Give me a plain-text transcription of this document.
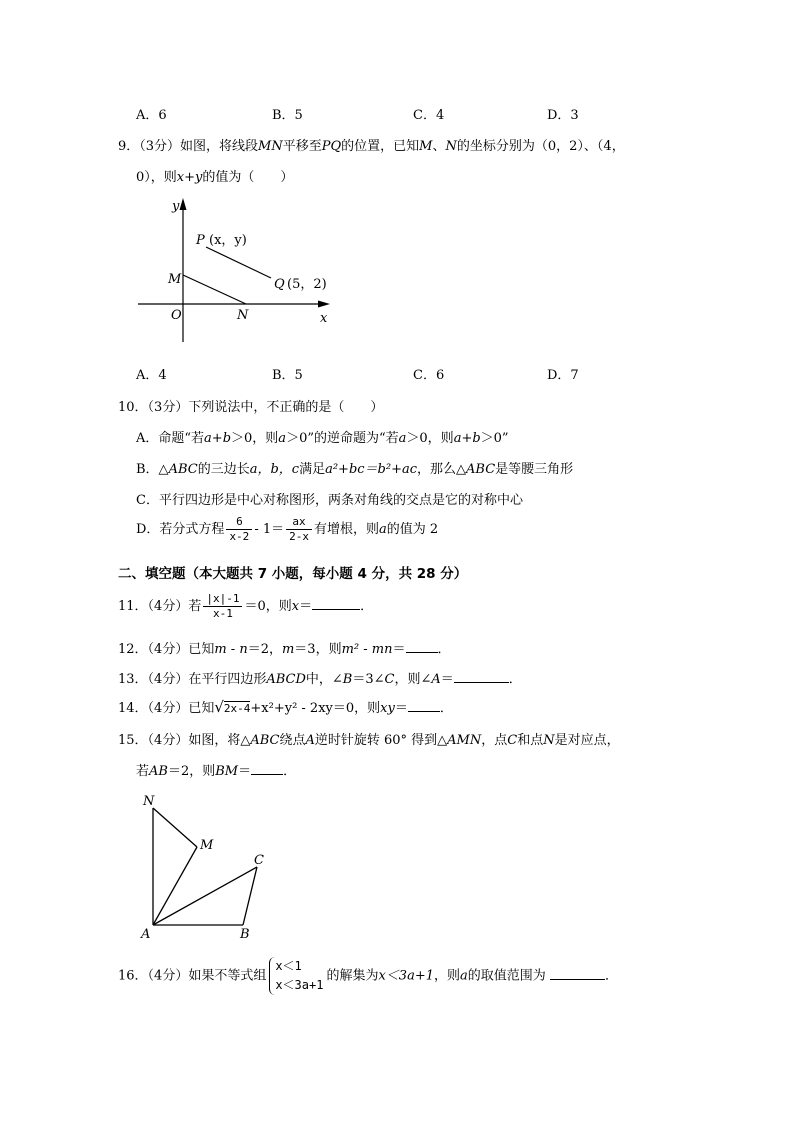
A．6	B．5	C．4	D．3
9．（3分）如图，将线段MN平移至PQ的位置，已知M、N的坐标分别为（0，2）、（4，
0），则x+y的值为（　　）
y
x
P (x，y)
Q (5，2)
M
O	N
A．4	B．5	C．6	D．7
10．（3分）下列说法中，不正确的是（　　）
A．命题“若a+b＞0，则a＞0”的逆命题为“若a＞0，则a+b＞0”
B．△ABC的三边长a，b，c满足a²+bc＝b²+ac，那么△ABC是等腰三角形
C．平行四边形是中心对称图形，两条对角线的交点是它的对称中心
D．若分式方程 $\frac{6}{x-2} - 1= \frac{ax}{2-x}$ 有增根，则a的值为 2
二、填空题（本大题共 7 小题，每小题 4 分，共 28 分）
11．（4分）若 $\frac{|x|-1}{x-1} =0$，则x＝	．
12．（4分）已知m - n＝2，m＝3，则m² - mn＝ ．
13．（4分）在平行四边形ABCD中，∠B＝3∠C，则∠A＝	．
14．（4分）已知√2x-4+x²+y² - 2xy＝0，则xy＝ ．
15．（4分）如图，将△ABC绕点A逆时针旋转 60° 得到△AMN，点C和点N是对应点，
若AB＝2，则BM＝ ．
N
M
C
A	B
16．（4分）如果不等式组
x＜1
x＜3a+1
的解集为x＜3a+1，则a的取值范围为	．
